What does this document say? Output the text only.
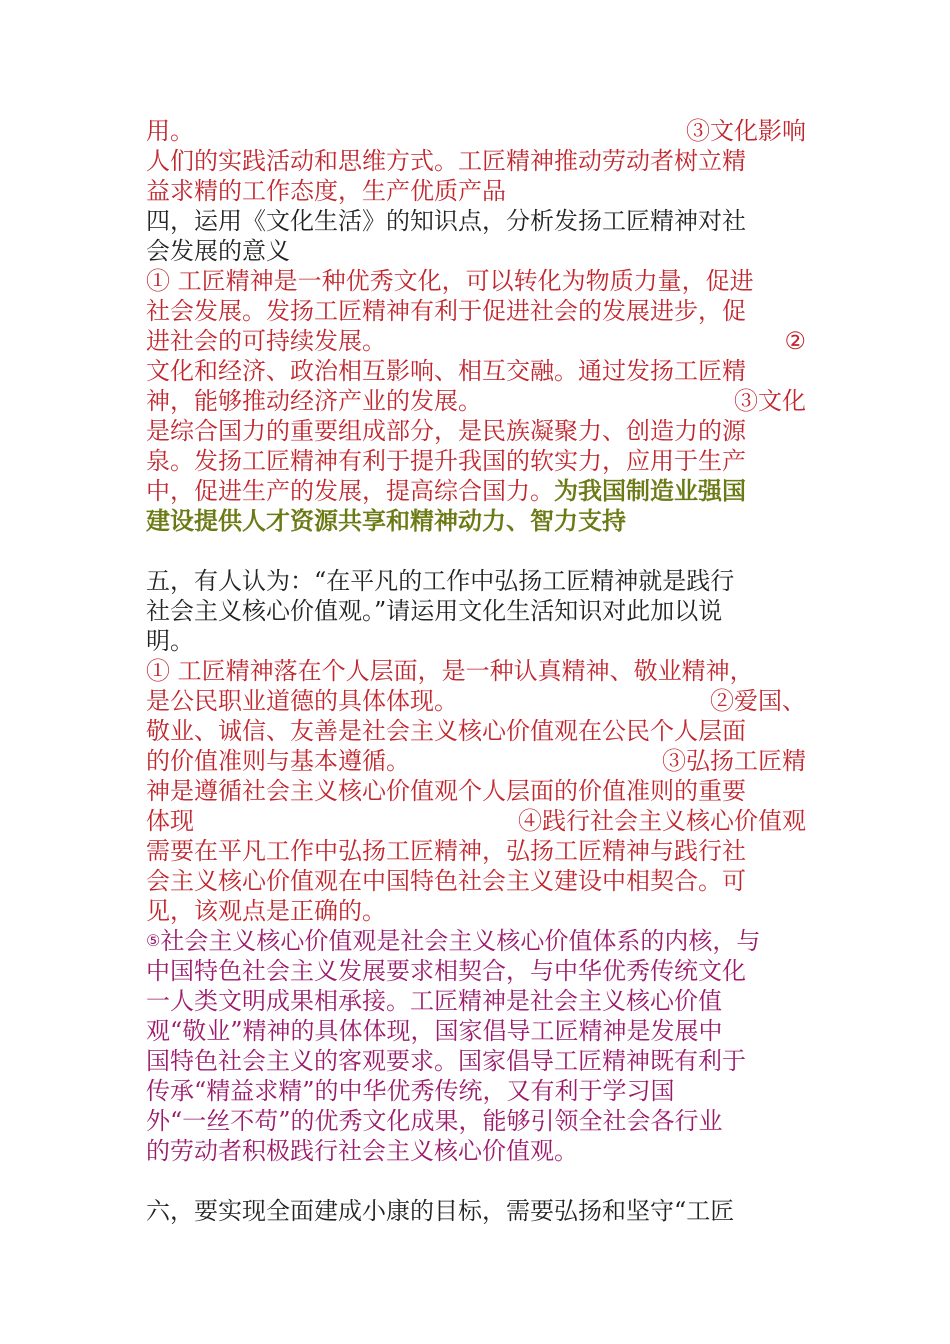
用。	③文化影响
人们的实践活动和思维方式。工匠精神推动劳动者树立精
益求精的工作态度，生产优质产品
四，运用《文化生活》的知识点，分析发扬工匠精神对社
会发展的意义
① 工匠精神是一种优秀文化，可以转化为物质力量，促进
社会发展。发扬工匠精神有利于促进社会的发展进步，促
进社会的可持续发展。	②
文化和经济、政治相互影响、相互交融。通过发扬工匠精
神，能够推动经济产业的发展。	③文化
是综合国力的重要组成部分，是民族凝聚力、创造力的源
泉。发扬工匠精神有利于提升我国的软实力，应用于生产
中，促进生产的发展，提高综合国力。 为我国制造业强国
建设提供人才资源共享和精神动力、智力支持
五，有人认为：“在平凡的工作中弘扬工匠精神就是践行
社会主义核心价值观。”请运用文化生活知识对此加以说
明。
① 工匠精神落在个人层面，是一种认真精神、敬业精神，
是公民职业道德的具体体现。	②爱国、
敬业、诚信、友善是社会主义核心价值观在公民个人层面
的价值准则与基本遵循。	③弘扬工匠精
神是遵循社会主义核心价值观个人层面的价值准则的重要
体现	④践行社会主义核心价值观
需要在平凡工作中弘扬工匠精神，弘扬工匠精神与践行社
会主义核心价值观在中国特色社会主义建设中相契合。可
见，该观点是正确的。
⑤ 社会主义核心价值观是社会主义核心价值体系的内核，与
中国特色社会主义发展要求相契合，与中华优秀传统文化
一人类文明成果相承接。工匠精神是社会主义核心价值
观“敬业”精神的具体体现，国家倡导工匠精神是发展中
国特色社会主义的客观要求。国家倡导工匠精神既有利于
传承“精益求精”的中华优秀传统，又有利于学习国
外“一丝不苟”的优秀文化成果，能够引领全社会各行业
的劳动者积极践行社会主义核心价值观。
六，要实现全面建成小康的目标，需要弘扬和坚守“工匠
